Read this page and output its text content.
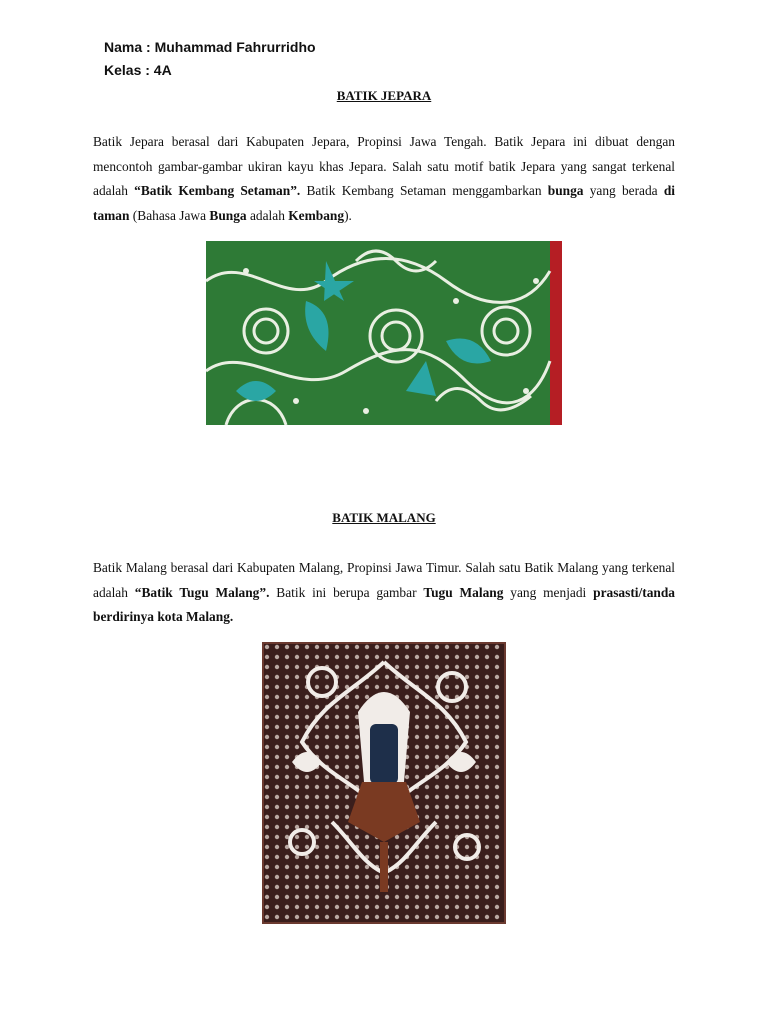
Nama : Muhammad Fahrurridho
Kelas : 4A
BATIK JEPARA
Batik Jepara berasal dari Kabupaten Jepara, Propinsi Jawa Tengah. Batik Jepara ini dibuat dengan mencontoh gambar-gambar ukiran kayu khas Jepara. Salah satu motif batik Jepara yang sangat terkenal adalah “Batik Kembang Setaman”. Batik Kembang Setaman menggambarkan bunga yang berada di taman (Bahasa Jawa Bunga adalah Kembang).
BATIK MALANG
Batik Malang berasal dari Kabupaten Malang, Propinsi Jawa Timur. Salah satu Batik Malang yang terkenal adalah “Batik Tugu Malang”. Batik ini berupa gambar Tugu Malang yang menjadi prasasti/tanda berdirinya kota Malang.
